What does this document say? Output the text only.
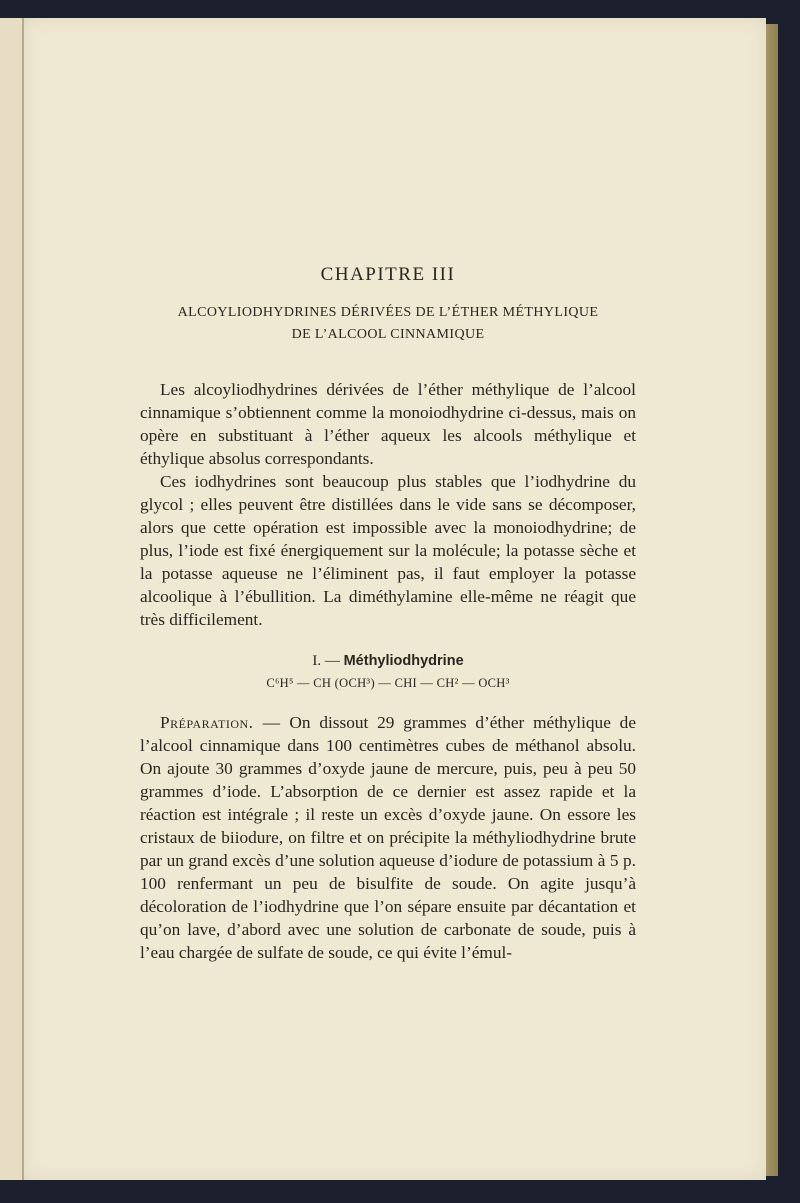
CHAPITRE III
ALCOYLIODHYDRINES DÉRIVÉES DE L’ÉTHER MÉTHYLIQUE
DE L’ALCOOL CINNAMIQUE

Les alcoyliodhydrines dérivées de l’éther méthylique de l’alcool cinnamique s’obtiennent comme la monoiodhydrine ci-dessus, mais on opère en substituant à l’éther aqueux les alcools méthylique et éthylique absolus correspondants.

Ces iodhydrines sont beaucoup plus stables que l’iodhydrine du glycol ; elles peuvent être distillées dans le vide sans se décomposer, alors que cette opération est impossible avec la monoiodhydrine; de plus, l’iode est fixé énergiquement sur la molécule; la potasse sèche et la potasse aqueuse ne l’éliminent pas, il faut employer la potasse alcoolique à l’ébullition. La diméthylamine elle-même ne réagit que très difficilement.

I. — Méthyliodhydrine
C⁶H⁵ — CH (OCH³) — CHI — CH² — OCH³

Préparation. — On dissout 29 grammes d’éther méthylique de l’alcool cinnamique dans 100 centimètres cubes de méthanol absolu. On ajoute 30 grammes d’oxyde jaune de mercure, puis, peu à peu 50 grammes d’iode. L’absorption de ce dernier est assez rapide et la réaction est intégrale ; il reste un excès d’oxyde jaune. On essore les cristaux de biiodure, on filtre et on précipite la méthyliodhydrine brute par un grand excès d’une solution aqueuse d’iodure de potassium à 5 p. 100 renfermant un peu de bisulfite de soude. On agite jusqu’à décoloration de l’iodhydrine que l’on sépare ensuite par décantation et qu’on lave, d’abord avec une solution de carbonate de soude, puis à l’eau chargée de sulfate de soude, ce qui évite l’émul-
